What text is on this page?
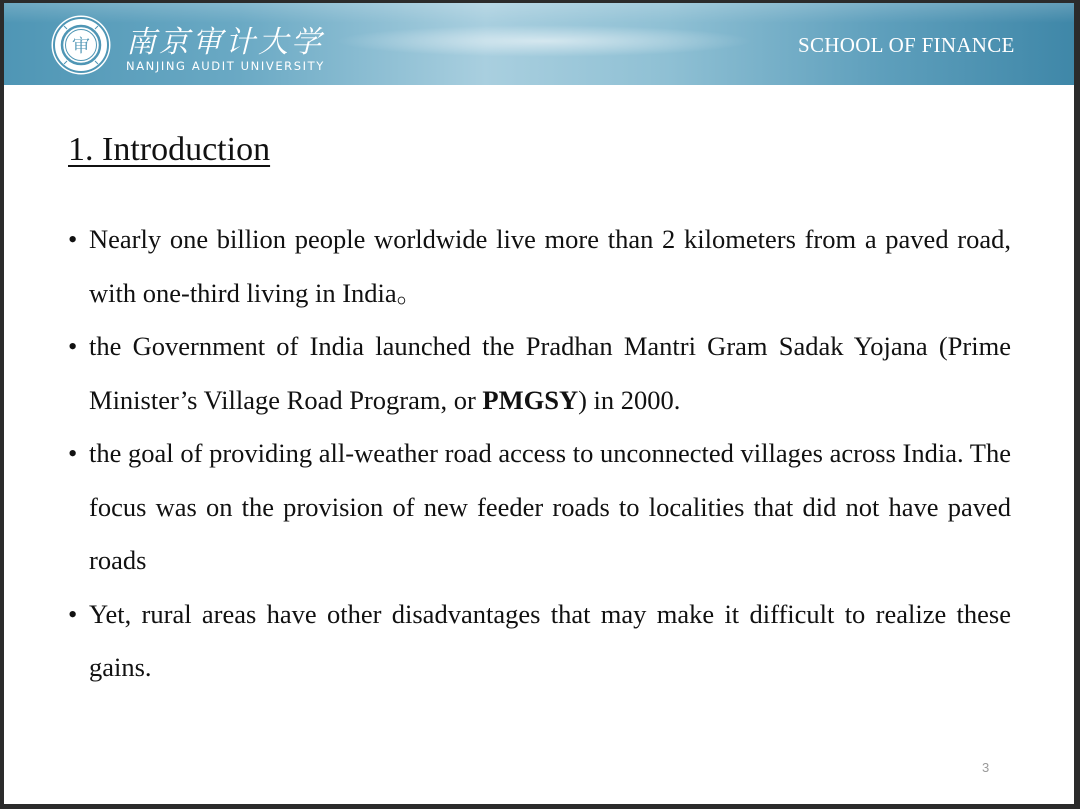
审 南京审计大学
NANJING AUDIT UNIVERSITY
SCHOOL OF FINANCE
1. Introduction
• Nearly one billion people worldwide live more than 2 kilometers from a paved road, with one-third living in India。
• the Government of India launched the Pradhan Mantri Gram Sadak Yojana (Prime Minister’s Village Road Program, or PMGSY) in 2000.
• the goal of providing all-weather road access to unconnected villages across India. The focus was on the provision of new feeder roads to localities that did not have paved roads
• Yet, rural areas have other disadvantages that may make it difficult to realize these gains.
3
